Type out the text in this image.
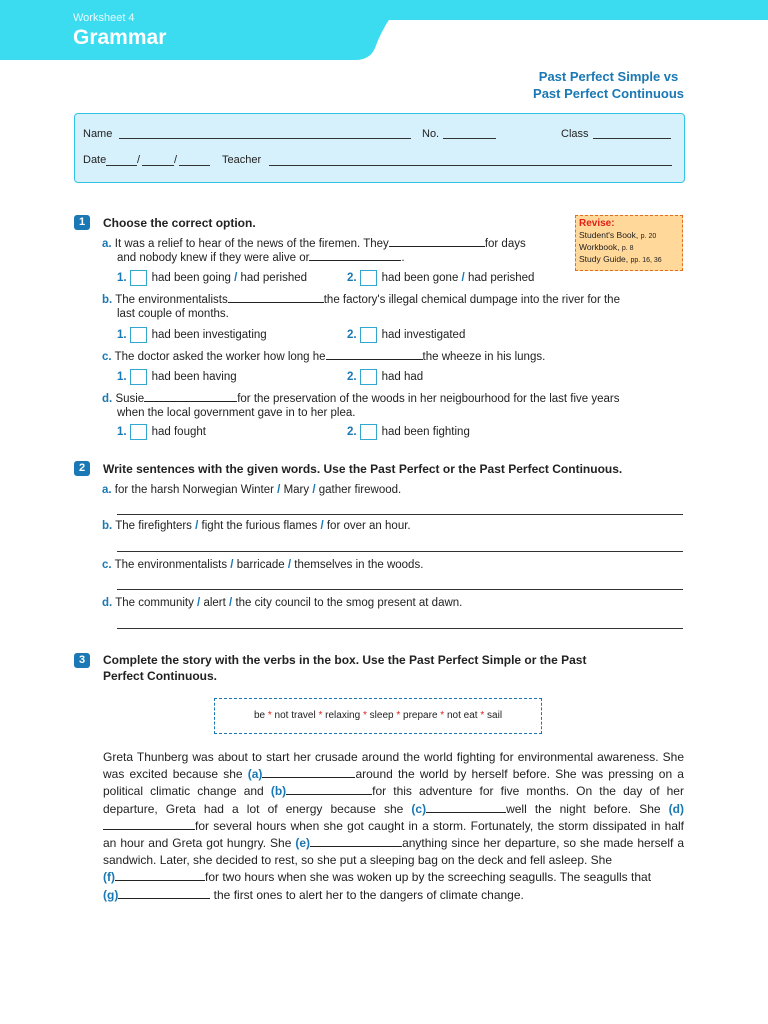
Worksheet 4
Grammar
Past Perfect Simple vs
Past Perfect Continuous
Name	No.	Class
Date	/	/	Teacher
Revise:
Student's Book, p. 20
Workbook, p. 8
Study Guide, pp. 16, 36
1	Choose the correct option.
a. It was a relief to hear of the news of the firemen. They	for days
and nobody knew if they were alive or	.
1. had been going / had perished	2. had been gone / had perished
b. The environmentalists	the factory's illegal chemical dumpage into the river for the
last couple of months.
1. had been investigating	2. had investigated
c. The doctor asked the worker how long he	the wheeze in his lungs.
1. had been having	2. had had
d. Susie	for the preservation of the woods in her neigbourhood for the last five years
when the local government gave in to her plea.
1. had fought	2. had been fighting
2	Write sentences with the given words. Use the Past Perfect or the Past Perfect Continuous.
a. for the harsh Norwegian Winter / Mary / gather firewood.
b. The firefighters / fight the furious flames / for over an hour.
c. The environmentalists / barricade / themselves in the woods.
d. The community / alert / the city council to the smog present at dawn.
3	Complete the story with the verbs in the box. Use the Past Perfect Simple or the Past
Perfect Continuous.
be * not travel * relaxing * sleep * prepare * not eat * sail
Greta Thunberg was about to start her crusade around the world fighting for environmental awareness. She was excited because she (a)	around the world by herself before. She was pressing on a political climatic change and (b)	for this adventure for five months. On the day of her departure, Greta had a lot of energy because she (c)	well the night before. She (d)for several hours when she got caught in a storm. Fortunately, the storm dissipated in half an hour and Greta got hungry. She (e)	anything since her departure, so she made herself a sandwich. Later, she decided to rest, so she put a sleeping bag on the deck and fell asleep. She
(f)	for two hours when she was woken up by the screeching seagulls. The seagulls that
(g)	the first ones to alert her to the dangers of climate change.
